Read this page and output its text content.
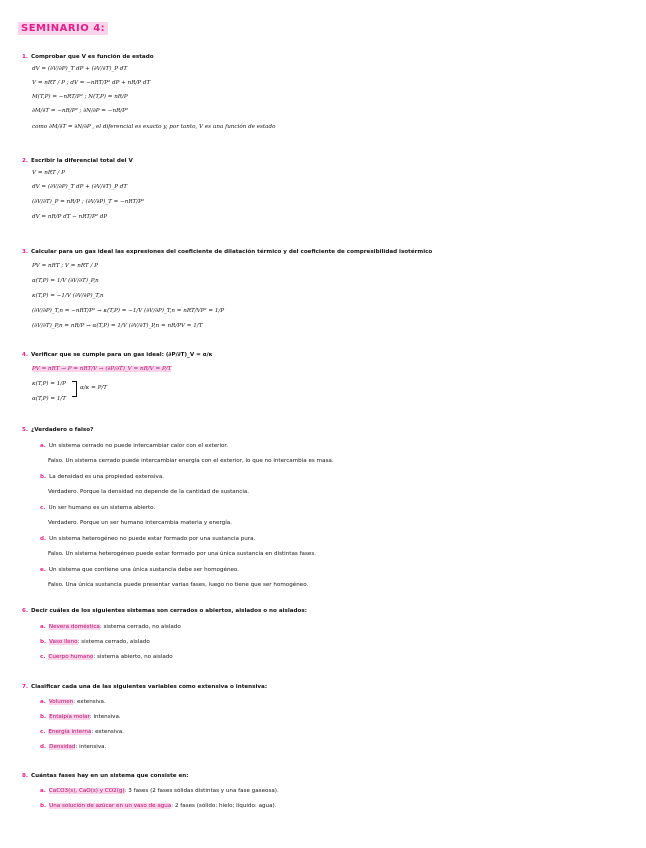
SEMINARIO 4:
1. Comprobar que V es función de estado
dV = (∂V/∂P)_T dP + (∂V/∂T)_P dT
V = nRT / P ; dV = −nRT/P² dP + nR/P dT
M(T,P) = −nRT/P² ; N(T,P) = nR/P
∂M/∂T = −nR/P² ; ∂N/∂P = −nR/P²
como ∂M/∂T = ∂N/∂P , el diferencial es exacto y, por tanto, V es una función de estado
2. Escribir la diferencial total del V
V = nRT / P
dV = (∂V/∂P)_T dP + (∂V/∂T)_P dT
(∂V/∂T)_P = nR/P ; (∂V/∂P)_T = −nRT/P²
dV = nR/P dT − nRT/P² dP
3. Calcular para un gas ideal las expresiones del coeficiente de dilatación térmico y del coeficiente de compresibilidad isotérmico
PV = nRT ; V = nRT / P
α(T,P) = 1/V (∂V/∂T)_P,n
κ(T,P) = −1/V (∂V/∂P)_T,n
(∂V/∂P)_T,n = −nRT/P² → κ(T,P) = −1/V (∂V/∂P)_T,n = nRT/VP² = 1/P
(∂V/∂T)_P,n = nR/P → α(T,P) = 1/V (∂V/∂T)_P,n = nR/PV = 1/T
4. Verificar que se cumple para un gas ideal: (∂P/∂T)_V = α/κ
PV = nRT → P = nRT/V → (∂P/∂T)_V = nR/V = P/T
κ(T,P) = 1/P
α(T,P) = 1/T
α/κ = P/T
5. ¿Verdadero o falso?
a. Un sistema cerrado no puede intercambiar calor con el exterior.
Falso. Un sistema cerrado puede intercambiar energía con el exterior, lo que no intercambia es masa.
b. La densidad es una propiedad extensiva.
Verdadero. Porque la densidad no depende de la cantidad de sustancia.
c. Un ser humano es un sistema abierto.
Verdadero. Porque un ser humano intercambia materia y energía.
d. Un sistema heterogéneo no puede estar formado por una sustancia pura.
Falso. Un sistema heterogéneo puede estar formado por una única sustancia en distintas fases.
e. Un sistema que contiene una única sustancia debe ser homogéneo.
Falso. Una única sustancia puede presentar varias fases, luego no tiene que ser homogéneo.
6. Decir cuáles de los siguientes sistemas son cerrados o abiertos, aislados o no aislados:
a. Nevera doméstica: sistema cerrado, no aislado
b. Vaso lleno: sistema cerrado, aislado
c. Cuerpo humano: sistema abierto, no aislado
7. Clasificar cada una de las siguientes variables como extensiva o intensiva:
a. Volumen: extensiva.
b. Entalpía molar: intensiva.
c. Energía interna: extensiva.
d. Densidad: intensiva.
8. Cuántas fases hay en un sistema que consiste en:
a. CaCO3(s), CaO(s) y CO2(g): 3 fases (2 fases sólidas distintas y una fase gaseosa).
b. Una solución de azúcar en un vaso de agua: 2 fases (sólido: hielo; líquido: agua).
